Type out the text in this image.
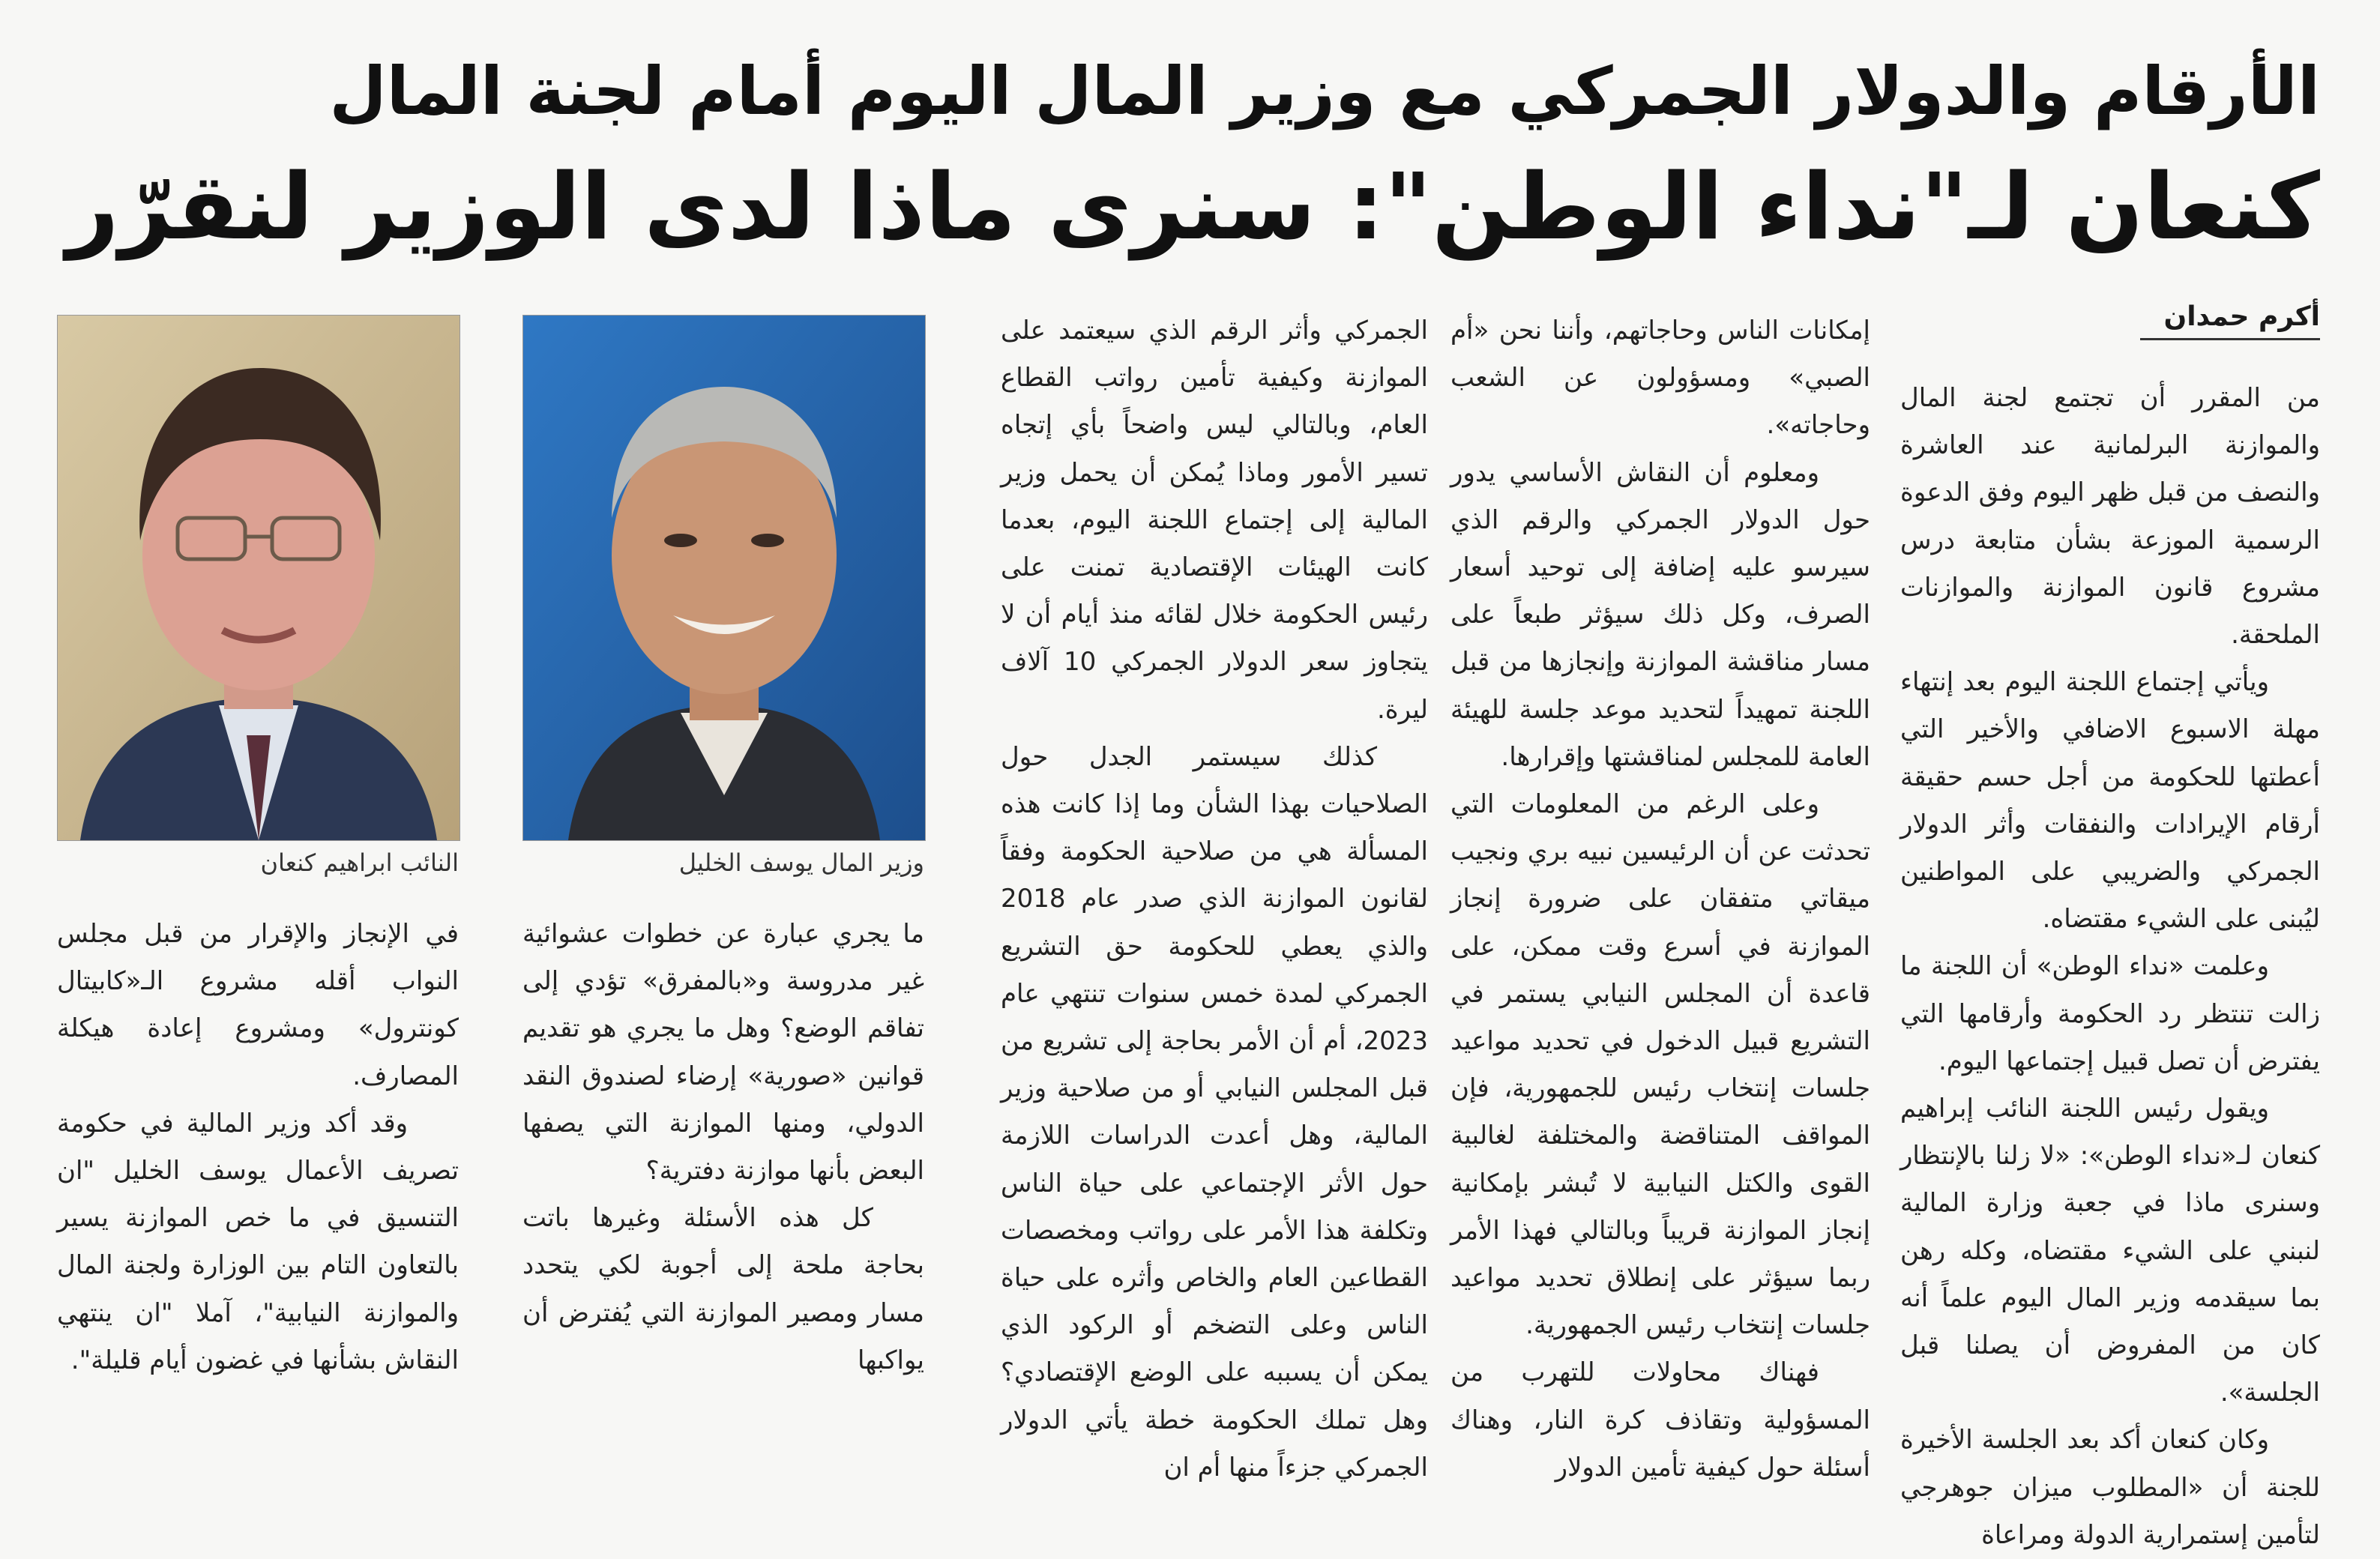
الأرقام والدولار الجمركي مع وزير المال اليوم أمام لجنة المال
كنعان لـ"نداء الوطن": سنرى ماذا لدى الوزير لنقرّر
أكرم حمدان

من المقرر أن تجتمع لجنة المال والموازنة البرلمانية عند العاشرة والنصف من قبل ظهر اليوم وفق الدعوة الرسمية الموزعة بشأن متابعة درس مشروع قانون الموازنة والموازنات الملحقة.

ويأتي إجتماع اللجنة اليوم بعد إنتهاء مهلة الاسبوع الاضافي والأخير التي أعطتها للحكومة من أجل حسم حقيقة أرقام الإيرادات والنفقات وأثر الدولار الجمركي والضريبي على المواطنين ليُبنى على الشيء مقتضاه.

وعلمت «نداء الوطن» أن اللجنة ما زالت تنتظر رد الحكومة وأرقامها التي يفترض أن تصل قبيل إجتماعها اليوم.

ويقول رئيس اللجنة النائب إبراهيم كنعان لـ«نداء الوطن»: «لا زلنا بالإنتظار وسنرى ماذا في جعبة وزارة المالية لنبني على الشيء مقتضاه، وكله رهن بما سيقدمه وزير المال اليوم علماً أنه كان من المفروض أن يصلنا قبل الجلسة».

وكان كنعان أكد بعد الجلسة الأخيرة للجنة أن «المطلوب ميزان جوهرجي لتأمين إستمرارية الدولة ومراعاة

إمكانات الناس وحاجاتهم، وأننا نحن «أم الصبي» ومسؤولون عن الشعب وحاجاته».

ومعلوم أن النقاش الأساسي يدور حول الدولار الجمركي والرقم الذي سيرسو عليه إضافة إلى توحيد أسعار الصرف، وكل ذلك سيؤثر طبعاً على مسار مناقشة الموازنة وإنجازها من قبل اللجنة تمهيداً لتحديد موعد جلسة للهيئة العامة للمجلس لمناقشتها وإقرارها.

وعلى الرغم من المعلومات التي تحدثت عن أن الرئيسين نبيه بري ونجيب ميقاتي متفقان على ضرورة إنجاز الموازنة في أسرع وقت ممكن، على قاعدة أن المجلس النيابي يستمر في التشريع قبيل الدخول في تحديد مواعيد جلسات إنتخاب رئيس للجمهورية، فإن المواقف المتناقضة والمختلفة لغالبية القوى والكتل النيابية لا تُبشر بإمكانية إنجاز الموازنة قريباً وبالتالي فهذا الأمر ربما سيؤثر على إنطلاق تحديد مواعيد جلسات إنتخاب رئيس الجمهورية.

فهناك محاولات للتهرب من المسؤولية وتقاذف كرة النار، وهناك أسئلة حول كيفية تأمين الدولار

الجمركي وأثر الرقم الذي سيعتمد على الموازنة وكيفية تأمين رواتب القطاع العام، وبالتالي ليس واضحاً بأي إتجاه تسير الأمور وماذا يُمكن أن يحمل وزير المالية إلى إجتماع اللجنة اليوم، بعدما كانت الهيئات الإقتصادية تمنت على رئيس الحكومة خلال لقائه منذ أيام أن لا يتجاوز سعر الدولار الجمركي 10 آلاف ليرة.

كذلك سيستمر الجدل حول الصلاحيات بهذا الشأن وما إذا كانت هذه المسألة هي من صلاحية الحكومة وفقاً لقانون الموازنة الذي صدر عام 2018 والذي يعطي للحكومة حق التشريع الجمركي لمدة خمس سنوات تنتهي عام 2023، أم أن الأمر بحاجة إلى تشريع من قبل المجلس النيابي أو من صلاحية وزير المالية، وهل أعدت الدراسات اللازمة حول الأثر الإجتماعي على حياة الناس وتكلفة هذا الأمر على رواتب ومخصصات القطاعين العام والخاص وأثره على حياة الناس وعلى التضخم أو الركود الذي يمكن أن يسببه على الوضع الإقتصادي؟ وهل تملك الحكومة خطة يأتي الدولار الجمركي جزءاً منها أم ان

وزير المال يوسف الخليل
النائب ابراهيم كنعان

ما يجري عبارة عن خطوات عشوائية غير مدروسة و«بالمفرق» تؤدي إلى تفاقم الوضع؟ وهل ما يجري هو تقديم قوانين «صورية» إرضاء لصندوق النقد الدولي، ومنها الموازنة التي يصفها البعض بأنها موازنة دفترية؟

كل هذه الأسئلة وغيرها باتت بحاجة ملحة إلى أجوبة لكي يتحدد مسار ومصير الموازنة التي يُفترض أن يواكبها

في الإنجاز والإقرار من قبل مجلس النواب أقله مشروع الـ«كابيتال كونترول» ومشروع إعادة هيكلة المصارف.

وقد أكد وزير المالية في حكومة تصريف الأعمال يوسف الخليل "ان التنسيق في ما خص الموازنة يسير بالتعاون التام بين الوزارة ولجنة المال والموازنة النيابية"، آملا "ان ينتهي النقاش بشأنها في غضون أيام قليلة".
